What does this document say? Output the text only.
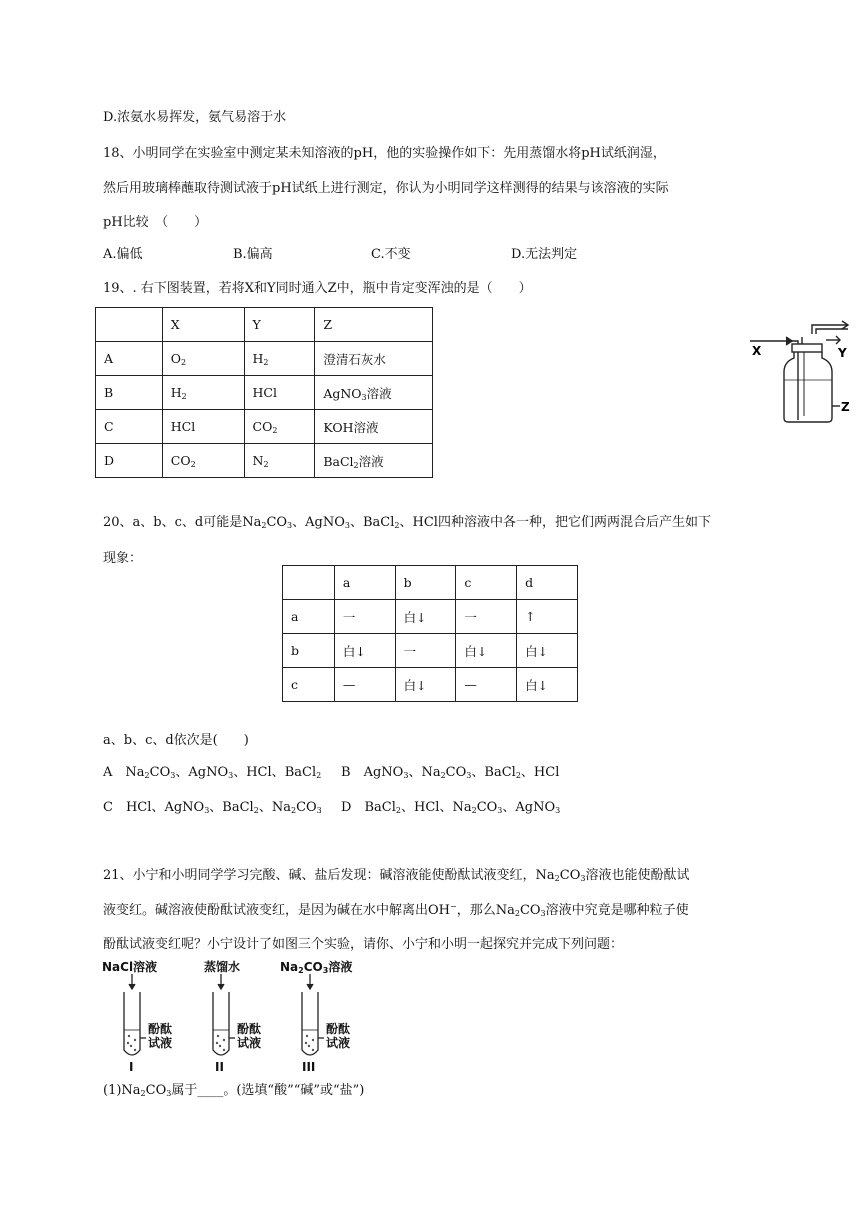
D.浓氨水易挥发，氨气易溶于水
18、小明同学在实验室中测定某未知溶液的pH，他的实验操作如下：先用蒸馏水将pH试纸润湿，
然后用玻璃棒蘸取待测试液于pH试纸上进行测定，你认为小明同学这样测得的结果与该溶液的实际
pH比较　（　　）
A.偏低	B.偏高	C.不变	D.无法判定
19、. 右下图装置，若将X和Y同时通入Z中，瓶中肯定变浑浊的是（　　）
	X	Y	Z
A	$O_2$	$H_2$	澄清石灰水
B	$H_2$	HCl	AgNO$_3$溶液
C	HCl	$CO_2$	KOH溶液
D	$CO_2$	$N_2$	BaCl$_2$溶液
X	Y
Z
20、a、b、c、d可能是$Na_2CO_3$、AgNO$_3$、BaCl$_2$、HCl四种溶液中各一种，把它们两两混合后产生如下
现象：
	a	b	c	d
a	一	白↓	一	↑
b	白↓	一	白↓	白↓
c	—	白↓	—	白↓
a、b、c、d依次是(　　)
A　 $Na_2CO_3$、AgNO$_3$、HCl、BaCl$_2$ B　 AgNO$_3$、$Na_2CO_3$、BaCl$_2$、HCl
C　 HCl、AgNO$_3$、BaCl$_2$、$Na_2CO_3$ D　 BaCl$_2$、HCl、$Na_2CO_3$、AgNO$_3$
21、小宁和小明同学学习完酸、碱、盐后发现：碱溶液能使酚酞试液变红，$Na_2CO_3$溶液也能使酚酞试
液变红。碱溶液使酚酞试液变红，是因为碱在水中解离出OH−，那么$Na_2CO_3$溶液中究竟是哪种粒子使
酚酞试液变红呢？小宁设计了如图三个实验，请你、小宁和小明一起探究并完成下列问题：
NaCl溶液	蒸馏水	$Na_2CO_3$溶液
酚酞
试液
酚酞
试液
酚酞
试液
I	II	III
$(1)Na_2CO_3$属于____。(选填“酸”“碱”或“盐”)
